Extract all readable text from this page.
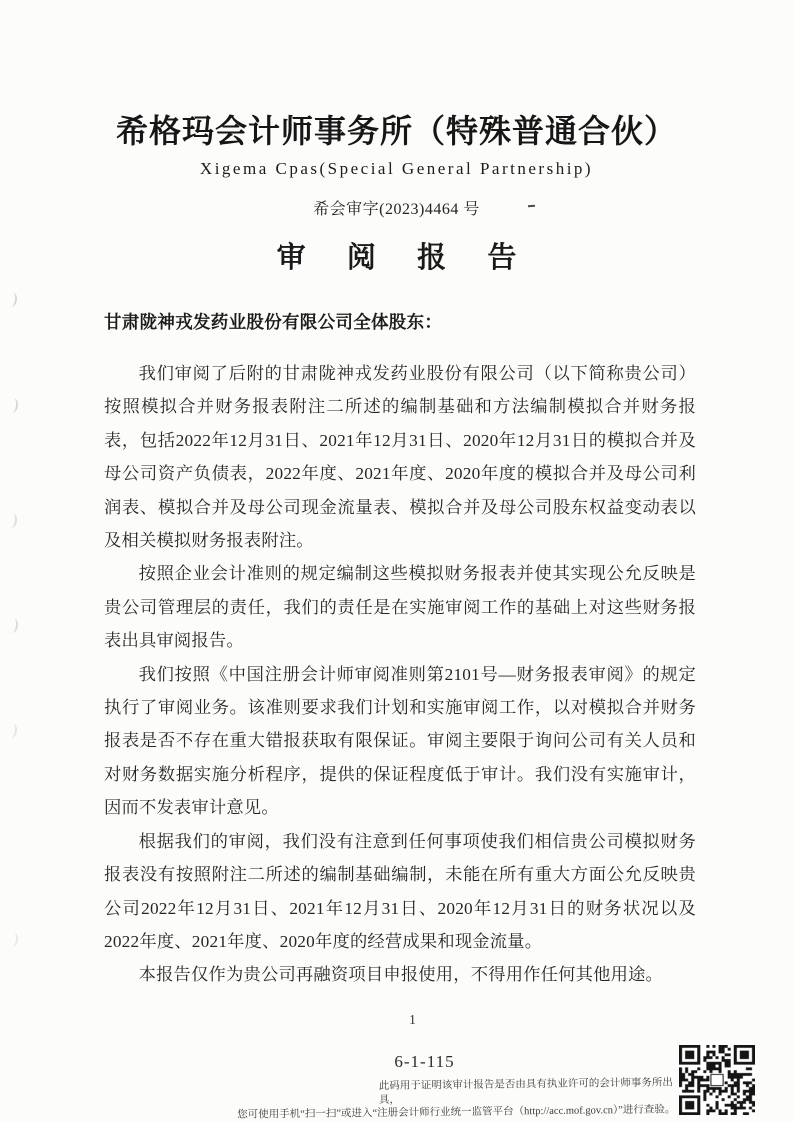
希格玛会计师事务所（特殊普通合伙）
Xigema Cpas(Special General Partnership)
希会审字(2023)4464 号
审 阅 报 告
甘肃陇神戎发药业股份有限公司全体股东：

我们审阅了后附的甘肃陇神戎发药业股份有限公司（以下简称贵公司）按照模拟合并财务报表附注二所述的编制基础和方法编制模拟合并财务报表，包括2022年12月31日、2021年12月31日、2020年12月31日的模拟合并及母公司资产负债表，2022年度、2021年度、2020年度的模拟合并及母公司利润表、模拟合并及母公司现金流量表、模拟合并及母公司股东权益变动表以及相关模拟财务报表附注。

按照企业会计准则的规定编制这些模拟财务报表并使其实现公允反映是贵公司管理层的责任，我们的责任是在实施审阅工作的基础上对这些财务报表出具审阅报告。

我们按照《中国注册会计师审阅准则第2101号—财务报表审阅》的规定执行了审阅业务。该准则要求我们计划和实施审阅工作，以对模拟合并财务报表是否不存在重大错报获取有限保证。审阅主要限于询问公司有关人员和对财务数据实施分析程序，提供的保证程度低于审计。我们没有实施审计，因而不发表审计意见。

根据我们的审阅，我们没有注意到任何事项使我们相信贵公司模拟财务报表没有按照附注二所述的编制基础编制，未能在所有重大方面公允反映贵公司2022年12月31日、2021年12月31日、2020年12月31日的财务状况以及2022年度、2021年度、2020年度的经营成果和现金流量。

本报告仅作为贵公司再融资项目申报使用，不得用作任何其他用途。

1
6-1-115
此码用于证明该审计报告是否由具有执业许可的会计师事务所出具，
您可使用手机“扫一扫”或进入“注册会计师行业统一监管平台（http://acc.mof.gov.cn）”进行查验。
